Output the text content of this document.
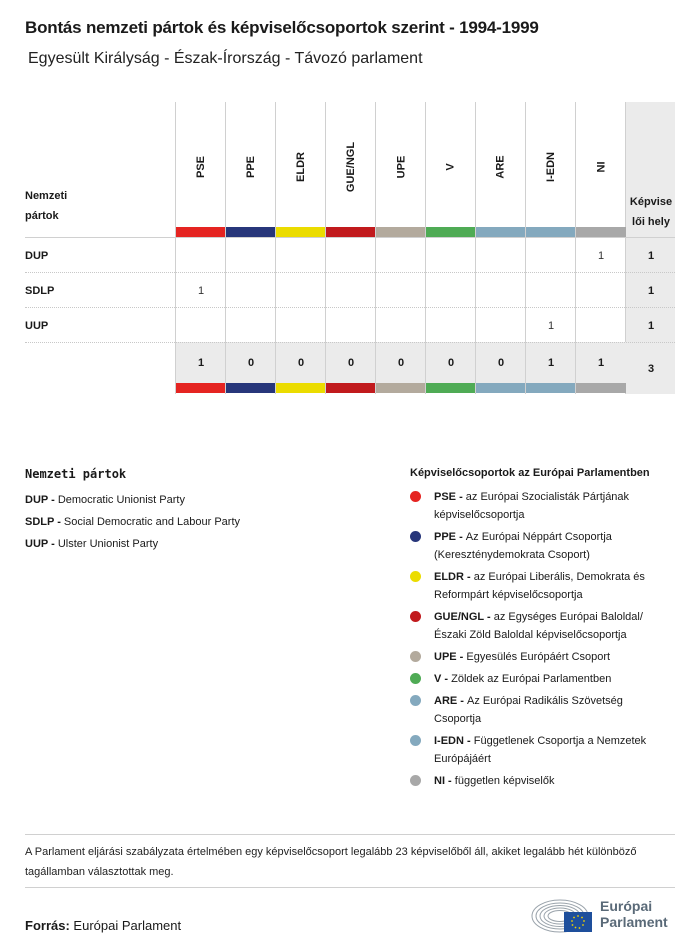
Bontás nemzeti pártok és képviselőcsoportok szerint - 1994-1999
Egyesült Királyság - Észak-Írország - Távozó parlament
Nemzeti
pártok
Képvise
lői hely
1
1
1
3
PSE
1
1
PPE
0
ELDR
0
GUE/NGL
0
UPE
0
V
0
ARE
0
I-EDN
1
1
NI
1
1
DUP
SDLP
UUP
Nemzeti pártok
DUP - Democratic Unionist Party
SDLP - Social Democratic and Labour Party
UUP - Ulster Unionist Party
Képviselőcsoportok az Európai Parlamentben
PSE - az Európai Szocialisták Pártjának
képviselőcsoportja
PPE - Az Európai Néppárt Csoportja
(Kereszténydemokrata Csoport)
ELDR - az Európai Liberális, Demokrata és
Reformpárt képviselőcsoportja
GUE/NGL - az Egységes Európai Baloldal/
Északi Zöld Baloldal képviselőcsoportja
UPE - Egyesülés Európáért Csoport
V - Zöldek az Európai Parlamentben
ARE - Az Európai Radikális Szövetség
Csoportja
I-EDN - Függetlenek Csoportja a Nemzetek
Európájáért
NI - független képviselők
A Parlament eljárási szabályzata értelmében egy képviselőcsoport legalább 23 képviselőből áll, akiket legalább hét különböző tagállamban választottak meg.
Forrás: Európai Parlament
Európai
Parlament
